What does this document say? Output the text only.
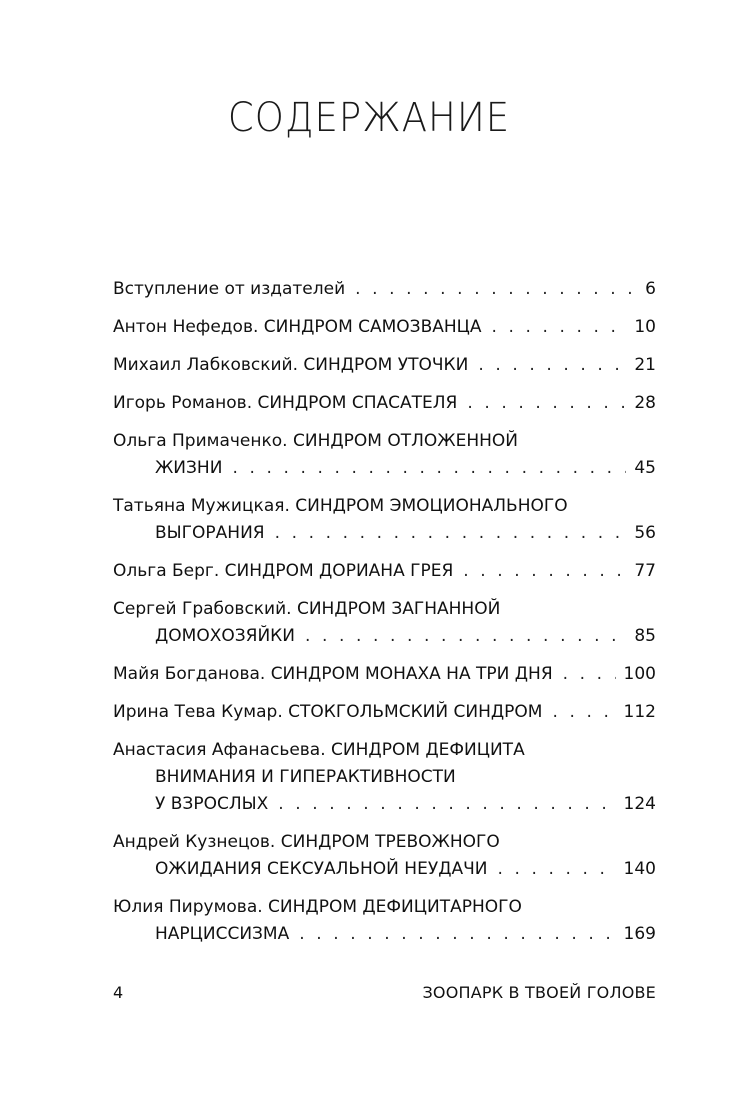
СОДЕРЖАНИЕ
Вступление от издателей . . .	6
Антон Нефедов. СИНДРОМ САМОЗВАНЦА . . .	10
Михаил Лабковский. СИНДРОМ УТОЧКИ . . .	21
Игорь Романов. СИНДРОМ СПАСАТЕЛЯ . . .	28
Ольга Примаченко. СИНДРОМ ОТЛОЖЕННОЙ
ЖИЗНИ . . .	45
Татьяна Мужицкая. СИНДРОМ ЭМОЦИОНАЛЬНОГО
ВЫГОРАНИЯ . . .	56
Ольга Берг. СИНДРОМ ДОРИАНА ГРЕЯ . . .	77
Сергей Грабовский. СИНДРОМ ЗАГНАННОЙ
ДОМОХОЗЯЙКИ . . .	85
Майя Богданова. СИНДРОМ МОНАХА НА ТРИ ДНЯ . . .	100
Ирина Тева Кумар. СТОКГОЛЬМСКИЙ СИНДРОМ . . .	112
Анастасия Афанасьева. СИНДРОМ ДЕФИЦИТА
ВНИМАНИЯ И ГИПЕРАКТИВНОСТИ
У ВЗРОСЛЫХ . . .	124
Андрей Кузнецов. СИНДРОМ ТРЕВОЖНОГО
ОЖИДАНИЯ СЕКСУАЛЬНОЙ НЕУДАЧИ . . .	140
Юлия Пирумова. СИНДРОМ ДЕФИЦИТАРНОГО
НАРЦИССИЗМА . . .	169
4	ЗООПАРК В ТВОЕЙ ГОЛОВЕ
